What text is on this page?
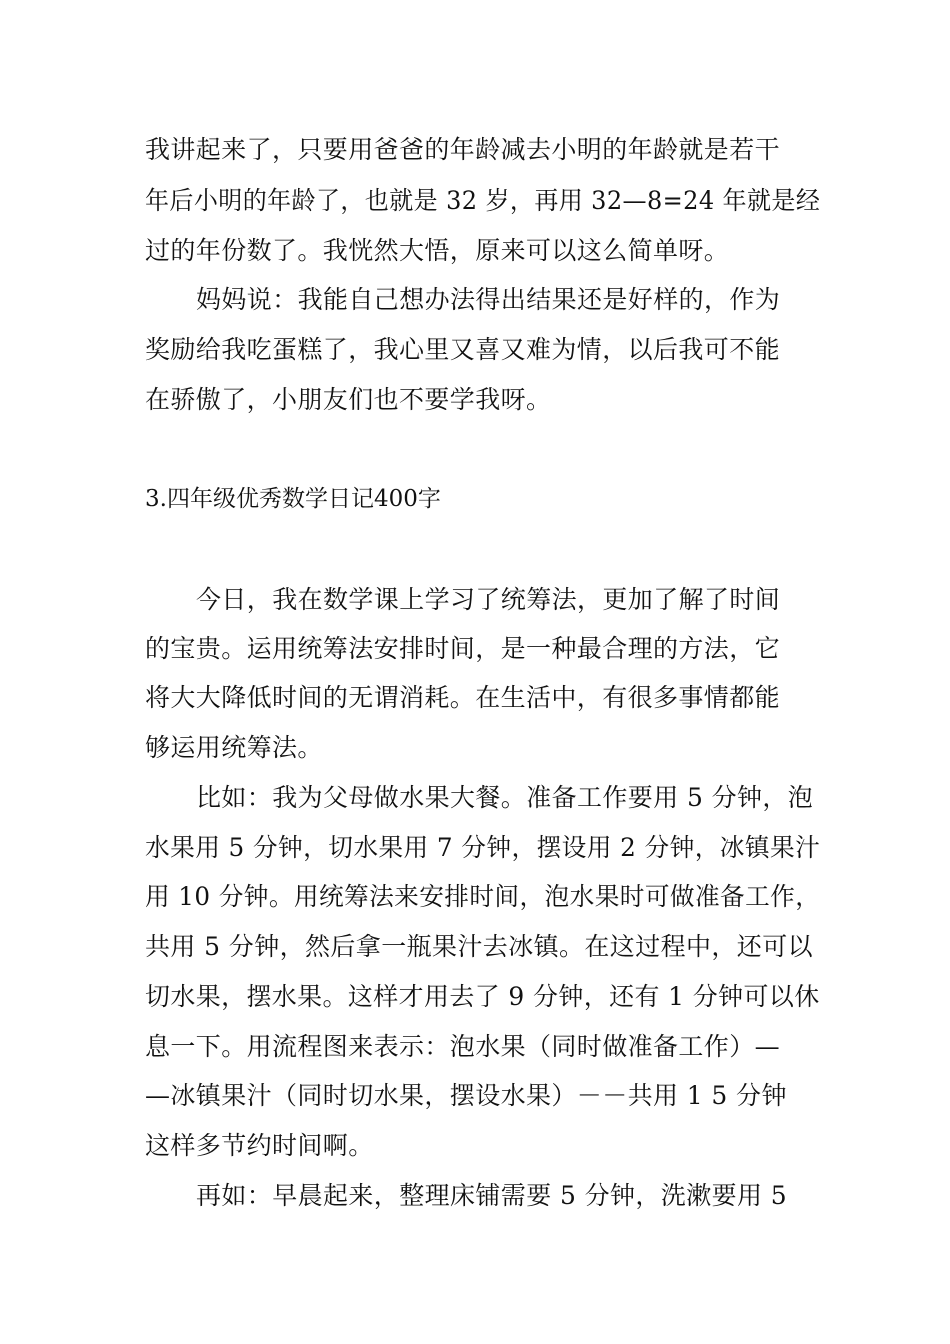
我讲起来了，只要用爸爸的年龄减去小明的年龄就是若干
年后小明的年龄了，也就是 32 岁，再用 32—8=24 年就是经
过的年份数了。我恍然大悟，原来可以这么简单呀。
妈妈说：我能自己想办法得出结果还是好样的，作为
奖励给我吃蛋糕了，我心里又喜又难为情，以后我可不能
在骄傲了，小朋友们也不要学我呀。
3.四年级优秀数学日记400字
今日，我在数学课上学习了统筹法，更加了解了时间
的宝贵。运用统筹法安排时间，是一种最合理的方法，它
将大大降低时间的无谓消耗。在生活中，有很多事情都能
够运用统筹法。
比如：我为父母做水果大餐。准备工作要用 5 分钟，泡
水果用 5 分钟，切水果用 7 分钟，摆设用 2 分钟，冰镇果汁
用 10 分钟。用统筹法来安排时间，泡水果时可做准备工作，
共用 5 分钟，然后拿一瓶果汁去冰镇。在这过程中，还可以
切水果，摆水果。这样才用去了 9 分钟，还有 1 分钟可以休
息一下。用流程图来表示：泡水果（同时做准备工作）—
—冰镇果汁（同时切水果，摆设水果）－－共用 1 5 分钟
这样多节约时间啊。
再如：早晨起来，整理床铺需要 5 分钟，洗漱要用 5
